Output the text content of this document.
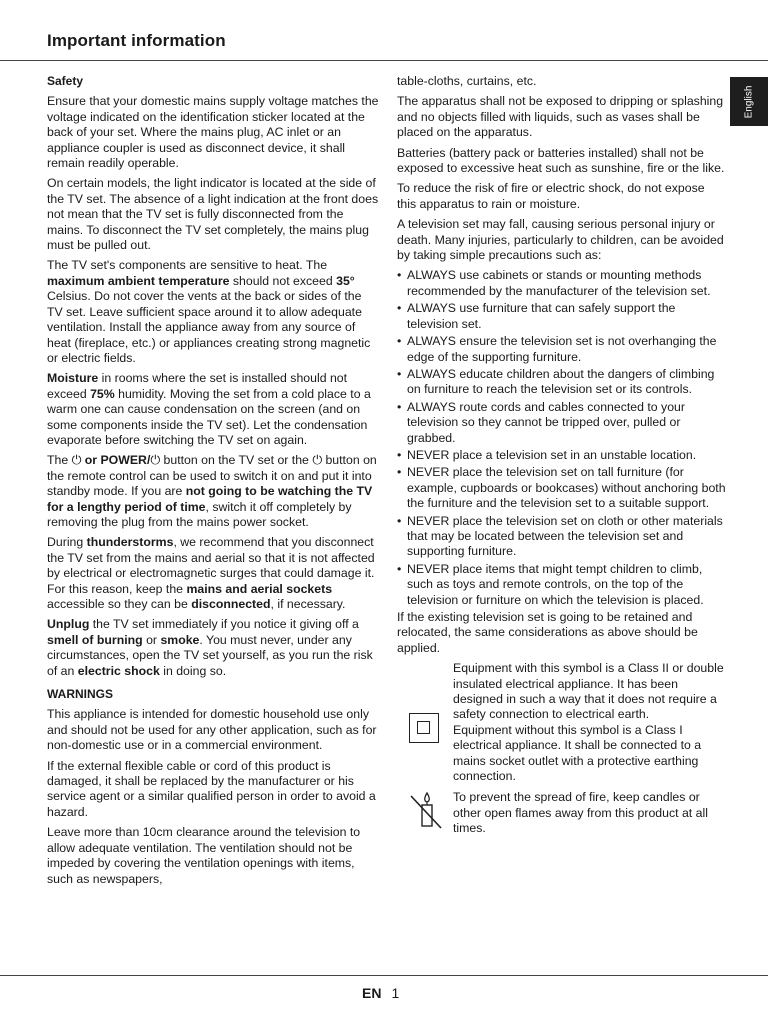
Important information
English

Safety

Ensure that your domestic mains supply voltage matches the voltage indicated on the identification sticker located at the back of your set. Where the mains plug, AC inlet or an appliance coupler is used as disconnect device, it shall remain readily operable.

On certain models, the light indicator is located at the side of the TV set. The absence of a light indication at the front does not mean that the TV set is fully disconnected from the mains. To disconnect the TV set completely, the mains plug must be pulled out.

The TV set's components are sensitive to heat. The maximum ambient temperature should not exceed 35° Celsius. Do not cover the vents at the back or sides of the TV set. Leave sufficient space around it to allow adequate ventilation. Install the appliance away from any source of heat (fireplace, etc.) or appliances creating strong magnetic or electric fields.

Moisture in rooms where the set is installed should not exceed 75% humidity. Moving the set from a cold place to a warm one can cause condensation on the screen (and on some components inside the TV set). Let the condensation evaporate before switching the TV set on again.

The ⏻ or POWER/⏻ button on the TV set or the ⏻ button on the remote control can be used to switch it on and put it into standby mode. If you are not going to be watching the TV for a lengthy period of time, switch it off completely by removing the plug from the mains power socket.

During thunderstorms, we recommend that you disconnect the TV set from the mains and aerial so that it is not affected by electrical or electromagnetic surges that could damage it. For this reason, keep the mains and aerial sockets accessible so they can be disconnected, if necessary.

Unplug the TV set immediately if you notice it giving off a smell of burning or smoke. You must never, under any circumstances, open the TV set yourself, as you run the risk of an electric shock in doing so.

WARNINGS

This appliance is intended for domestic household use only and should not be used for any other application, such as for non-domestic use or in a commercial environment.

If the external flexible cable or cord of this product is damaged, it shall be replaced by the manufacturer or his service agent or a similar qualified person in order to avoid a hazard.

Leave more than 10cm clearance around the television to allow adequate ventilation. The ventilation should not be impeded by covering the ventilation openings with items, such as newspapers,

table-cloths, curtains, etc.

The apparatus shall not be exposed to dripping or splashing and no objects filled with liquids, such as vases shall be placed on the apparatus.

Batteries (battery pack or batteries installed) shall not be exposed to excessive heat such as sunshine, fire or the like.

To reduce the risk of fire or electric shock, do not expose this apparatus to rain or moisture.

A television set may fall, causing serious personal injury or death. Many injuries, particularly to children, can be avoided by taking simple precautions such as:

• ALWAYS use cabinets or stands or mounting methods recommended by the manufacturer of the television set.
• ALWAYS use furniture that can safely support the television set.
• ALWAYS ensure the television set is not overhanging the edge of the supporting furniture.
• ALWAYS educate children about the dangers of climbing on furniture to reach the television set or its controls.
• ALWAYS route cords and cables connected to your television so they cannot be tripped over, pulled or grabbed.
• NEVER place a television set in an unstable location.
• NEVER place the television set on tall furniture (for example, cupboards or bookcases) without anchoring both the furniture and the television set to a suitable support.
• NEVER place the television set on cloth or other materials that may be located between the television set and supporting furniture.
• NEVER place items that might tempt children to climb, such as toys and remote controls, on the top of the television or furniture on which the television is placed.

If the existing television set is going to be retained and relocated, the same considerations as above should be applied.

Equipment with this symbol is a Class II or double insulated electrical appliance. It has been designed in such a way that it does not require a safety connection to electrical earth.

Equipment without this symbol is a Class I electrical appliance. It shall be connected to a mains socket outlet with a protective earthing connection.

To prevent the spread of fire, keep candles or other open flames away from this product at all times.

EN 1
